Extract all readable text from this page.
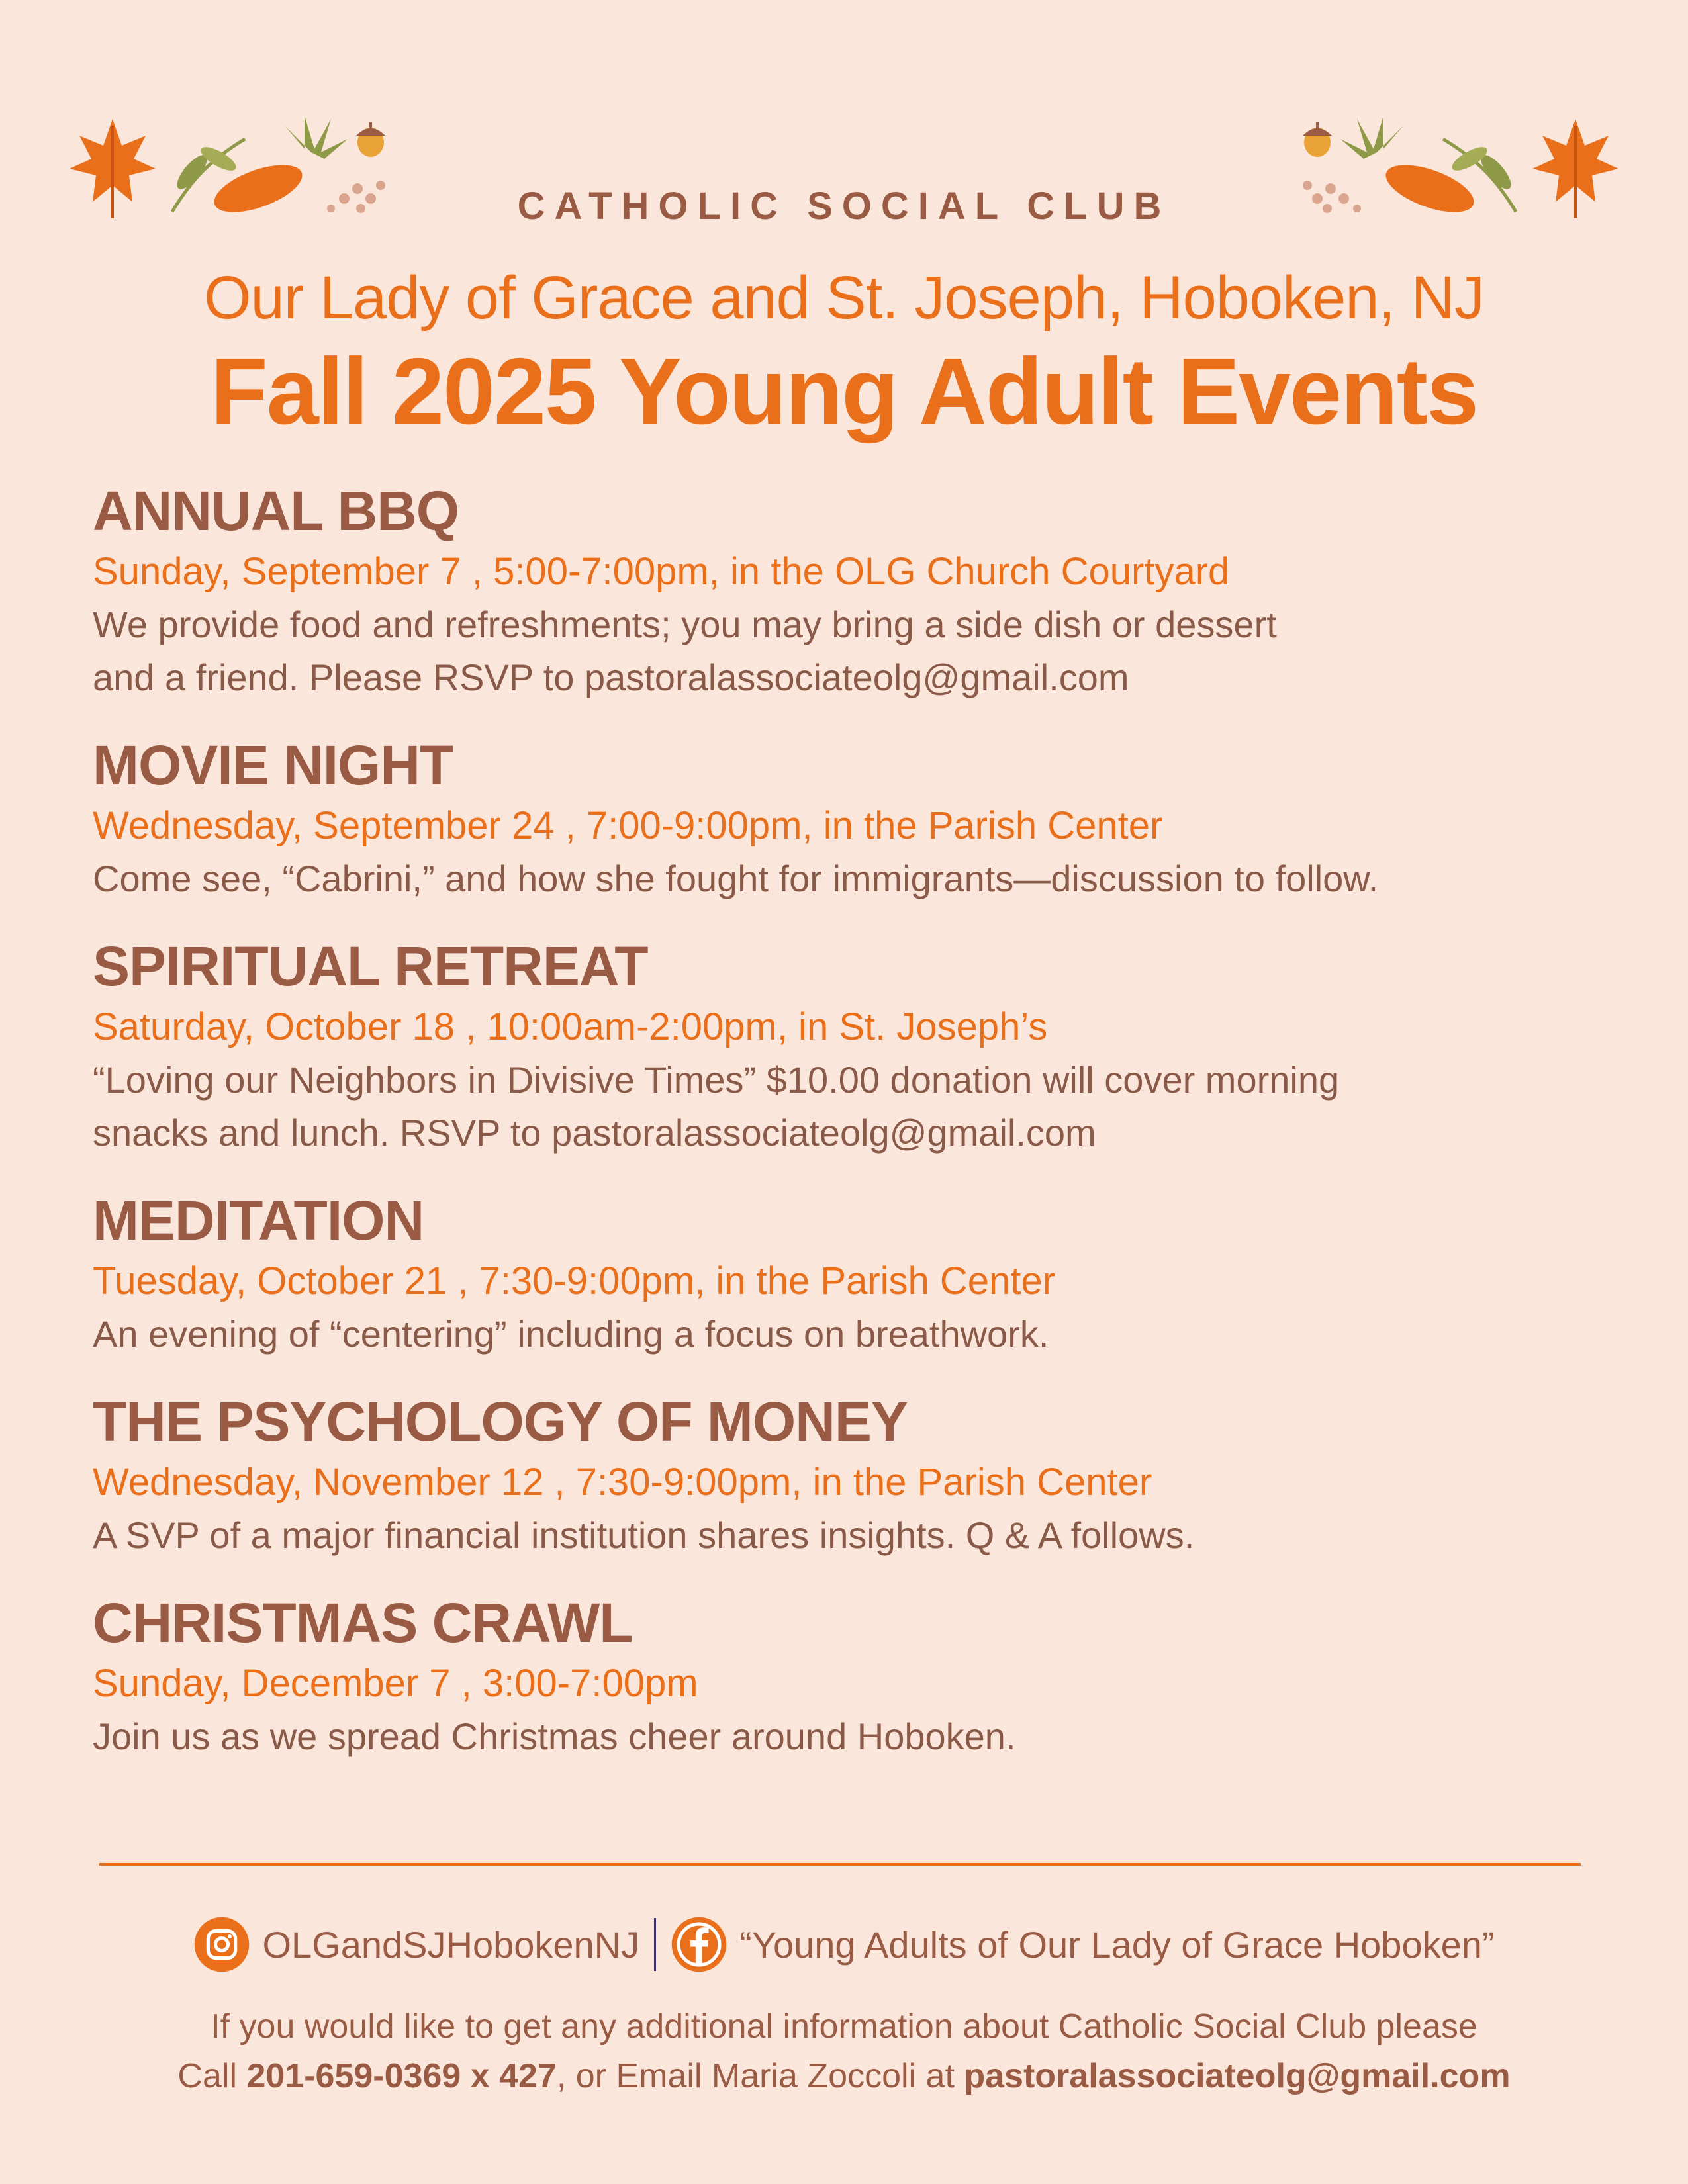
CATHOLIC SOCIAL CLUB
Our Lady of Grace and St. Joseph, Hoboken, NJ
Fall 2025 Young Adult Events
ANNUAL BBQ
Sunday, September 7 , 5:00-7:00pm, in the OLG Church Courtyard
We provide food and refreshments; you may bring a side dish or dessert
and a friend. Please RSVP to pastoralassociateolg@gmail.com
MOVIE NIGHT
Wednesday, September 24 , 7:00-9:00pm, in the Parish Center
Come see, “Cabrini,” and how she fought for immigrants—discussion to follow.
SPIRITUAL RETREAT
Saturday, October 18 , 10:00am-2:00pm, in St. Joseph’s
“Loving our Neighbors in Divisive Times” $10.00 donation will cover morning
snacks and lunch. RSVP to pastoralassociateolg@gmail.com
MEDITATION
Tuesday, October 21 , 7:30-9:00pm, in the Parish Center
An evening of “centering” including a focus on breathwork.
THE PSYCHOLOGY OF MONEY
Wednesday, November 12 , 7:30-9:00pm, in the Parish Center
A SVP of a major financial institution shares insights. Q & A follows.
CHRISTMAS CRAWL
Sunday, December 7 , 3:00-7:00pm
Join us as we spread Christmas cheer around Hoboken.
OLGandSJHobokenNJ	“Young Adults of Our Lady of Grace Hoboken”
If you would like to get any additional information about Catholic Social Club please
Call 201-659-0369 x 427, or Email Maria Zoccoli at pastoralassociateolg@gmail.com
